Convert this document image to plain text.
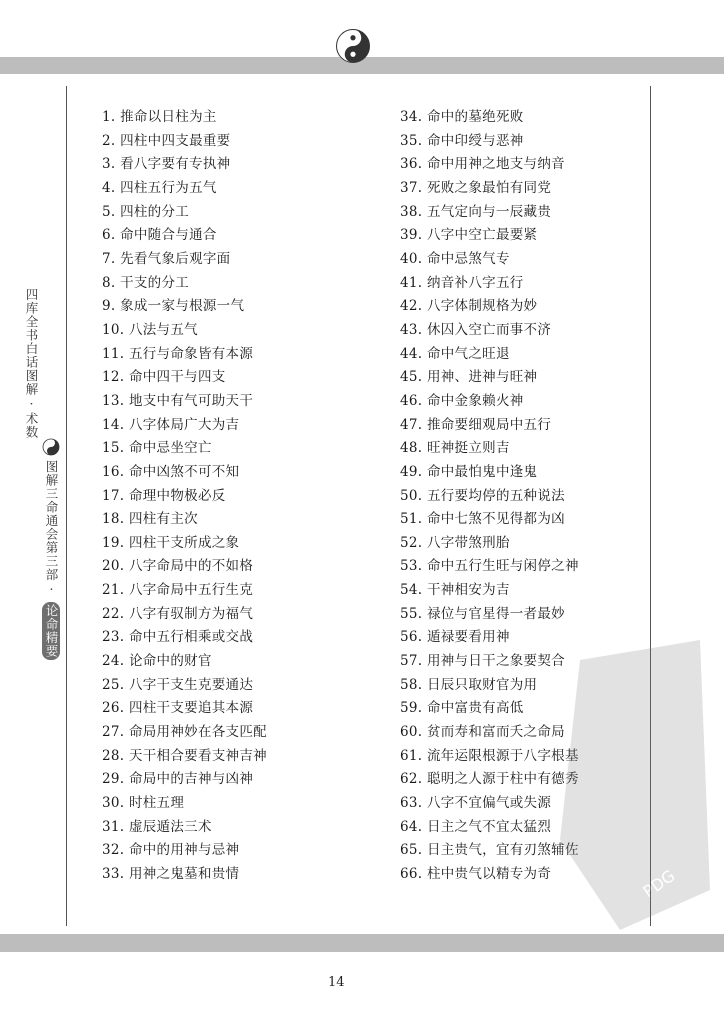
四库全书白话图解·术数
图解三命通会第三部·论命精要
1. 推命以日柱为主
2. 四柱中四支最重要
3. 看八字要有专执神
4. 四柱五行为五气
5. 四柱的分工
6. 命中随合与通合
7. 先看气象后观字面
8. 干支的分工
9. 象成一家与根源一气
10. 八法与五气
11. 五行与命象皆有本源
12. 命中四干与四支
13. 地支中有气可助天干
14. 八字体局广大为吉
15. 命中忌坐空亡
16. 命中凶煞不可不知
17. 命理中物极必反
18. 四柱有主次
19. 四柱干支所成之象
20. 八字命局中的不如格
21. 八字命局中五行生克
22. 八字有驭制方为福气
23. 命中五行相乘或交战
24. 论命中的财官
25. 八字干支生克要通达
26. 四柱干支要追其本源
27. 命局用神妙在各支匹配
28. 天干相合要看支神吉神
29. 命局中的吉神与凶神
30. 时柱五理
31. 虚辰遁法三术
32. 命中的用神与忌神
33. 用神之鬼墓和贵情
34. 命中的墓绝死败
35. 命中印绶与恶神
36. 命中用神之地支与纳音
37. 死败之象最怕有同党
38. 五气定向与一辰藏贵
39. 八字中空亡最要紧
40. 命中忌煞气专
41. 纳音补八字五行
42. 八字体制规格为妙
43. 休囚入空亡而事不济
44. 命中气之旺退
45. 用神、进神与旺神
46. 命中金象赖火神
47. 推命要细观局中五行
48. 旺神挺立则吉
49. 命中最怕鬼中逢鬼
50. 五行要均停的五种说法
51. 命中七煞不见得都为凶
52. 八字带煞刑胎
53. 命中五行生旺与闲停之神
54. 干神相安为吉
55. 禄位与官星得一者最妙
56. 遁禄要看用神
57. 用神与日干之象要契合
58. 日辰只取财官为用
59. 命中富贵有高低
60. 贫而寿和富而夭之命局
61. 流年运限根源于八字根基
62. 聪明之人源于柱中有德秀
63. 八字不宜偏气或失源
64. 日主之气不宜太猛烈
65. 日主贵气，宜有刃煞辅佐
66. 柱中贵气以精专为奇	PDG
14
